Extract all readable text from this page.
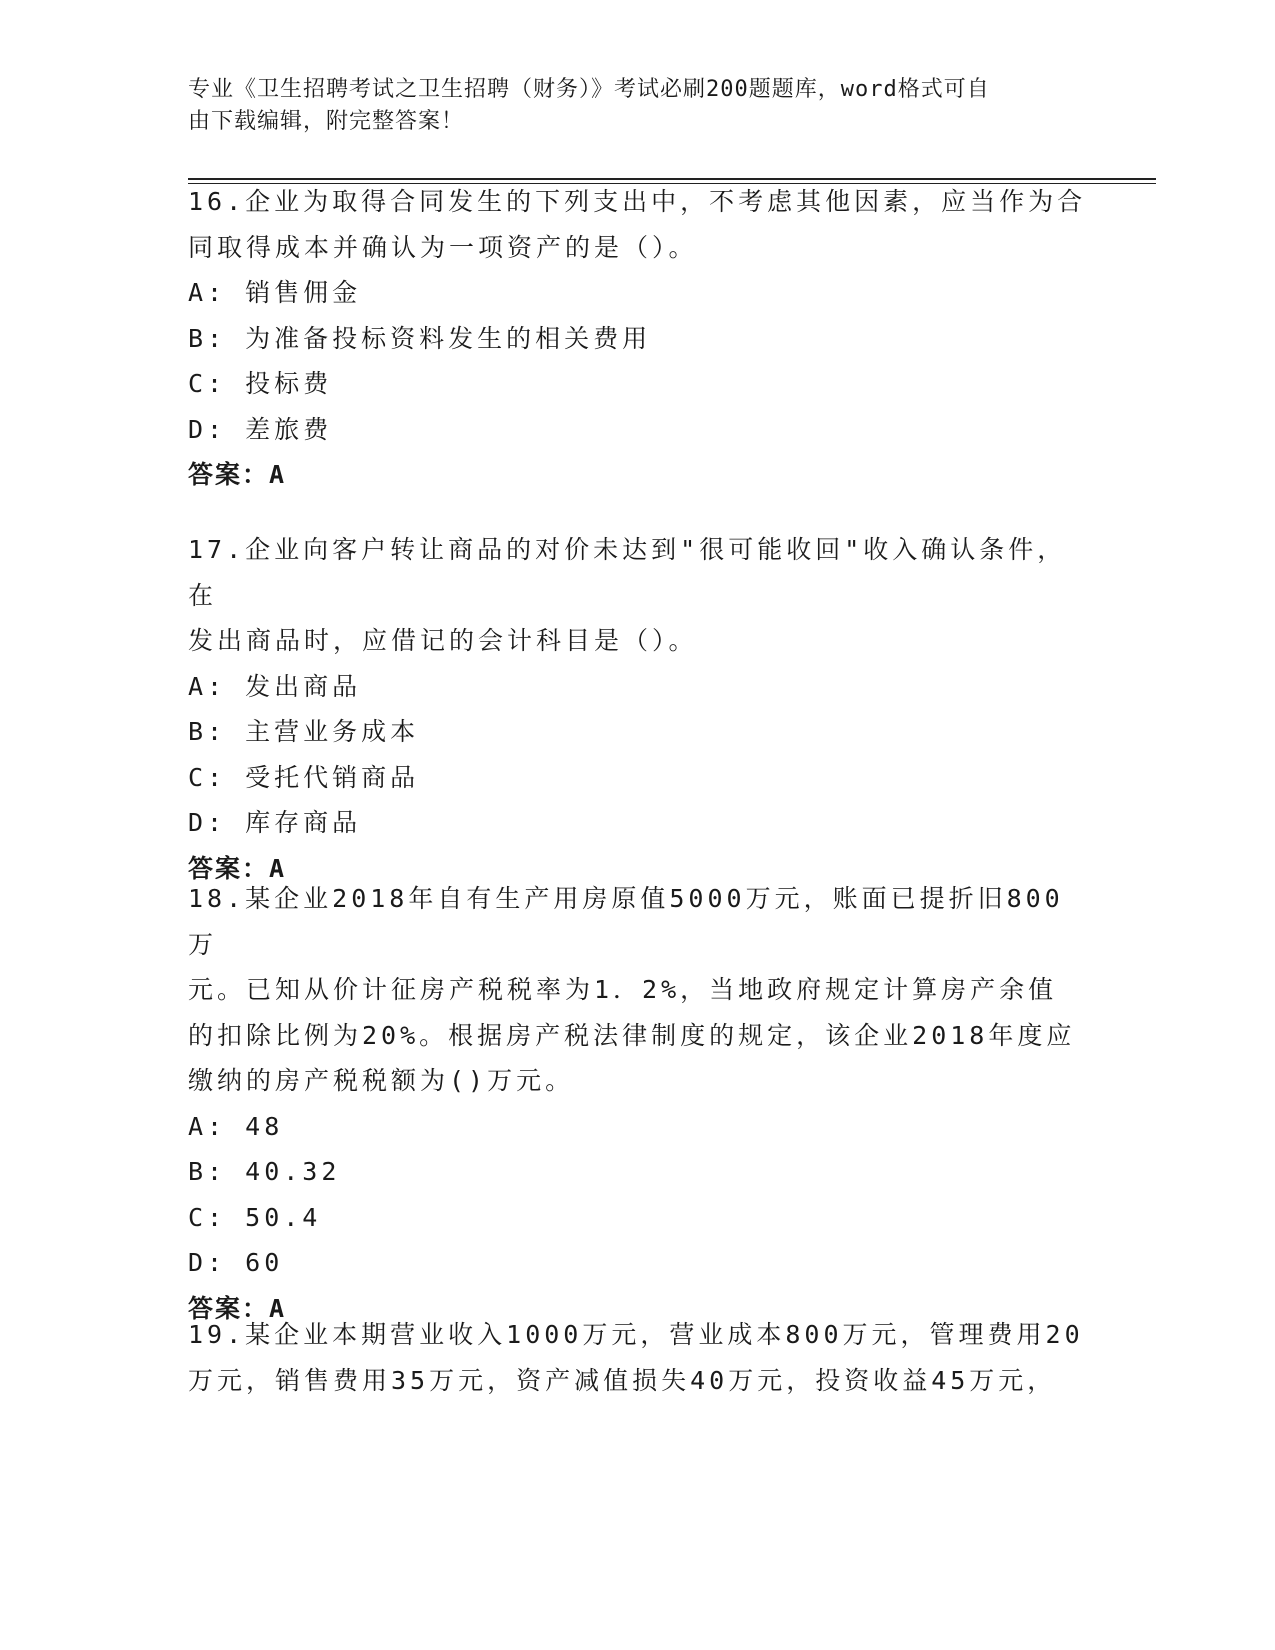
专业《卫生招聘考试之卫生招聘（财务）》考试必刷200题题库，word格式可自
由下载编辑，附完整答案！

16.企业为取得合同发生的下列支出中，不考虑其他因素，应当作为合

同取得成本并确认为一项资产的是（）。

A: 销售佣金

B: 为准备投标资料发生的相关费用

C: 投标费

D: 差旅费

答案：A

17.企业向客户转让商品的对价未达到"很可能收回"收入确认条件，在

发出商品时，应借记的会计科目是（）。

A: 发出商品

B: 主营业务成本

C: 受托代销商品

D: 库存商品

答案：A

18.某企业2018年自有生产用房原值5000万元，账面已提折旧800万

元。已知从价计征房产税税率为1．2%，当地政府规定计算房产余值

的扣除比例为20%。根据房产税法律制度的规定，该企业2018年度应

缴纳的房产税税额为()万元。

A: 48

B: 40.32

C: 50.4

D: 60

答案：A

19.某企业本期营业收入1000万元，营业成本800万元，管理费用20

万元，销售费用35万元，资产减值损失40万元，投资收益45万元，
